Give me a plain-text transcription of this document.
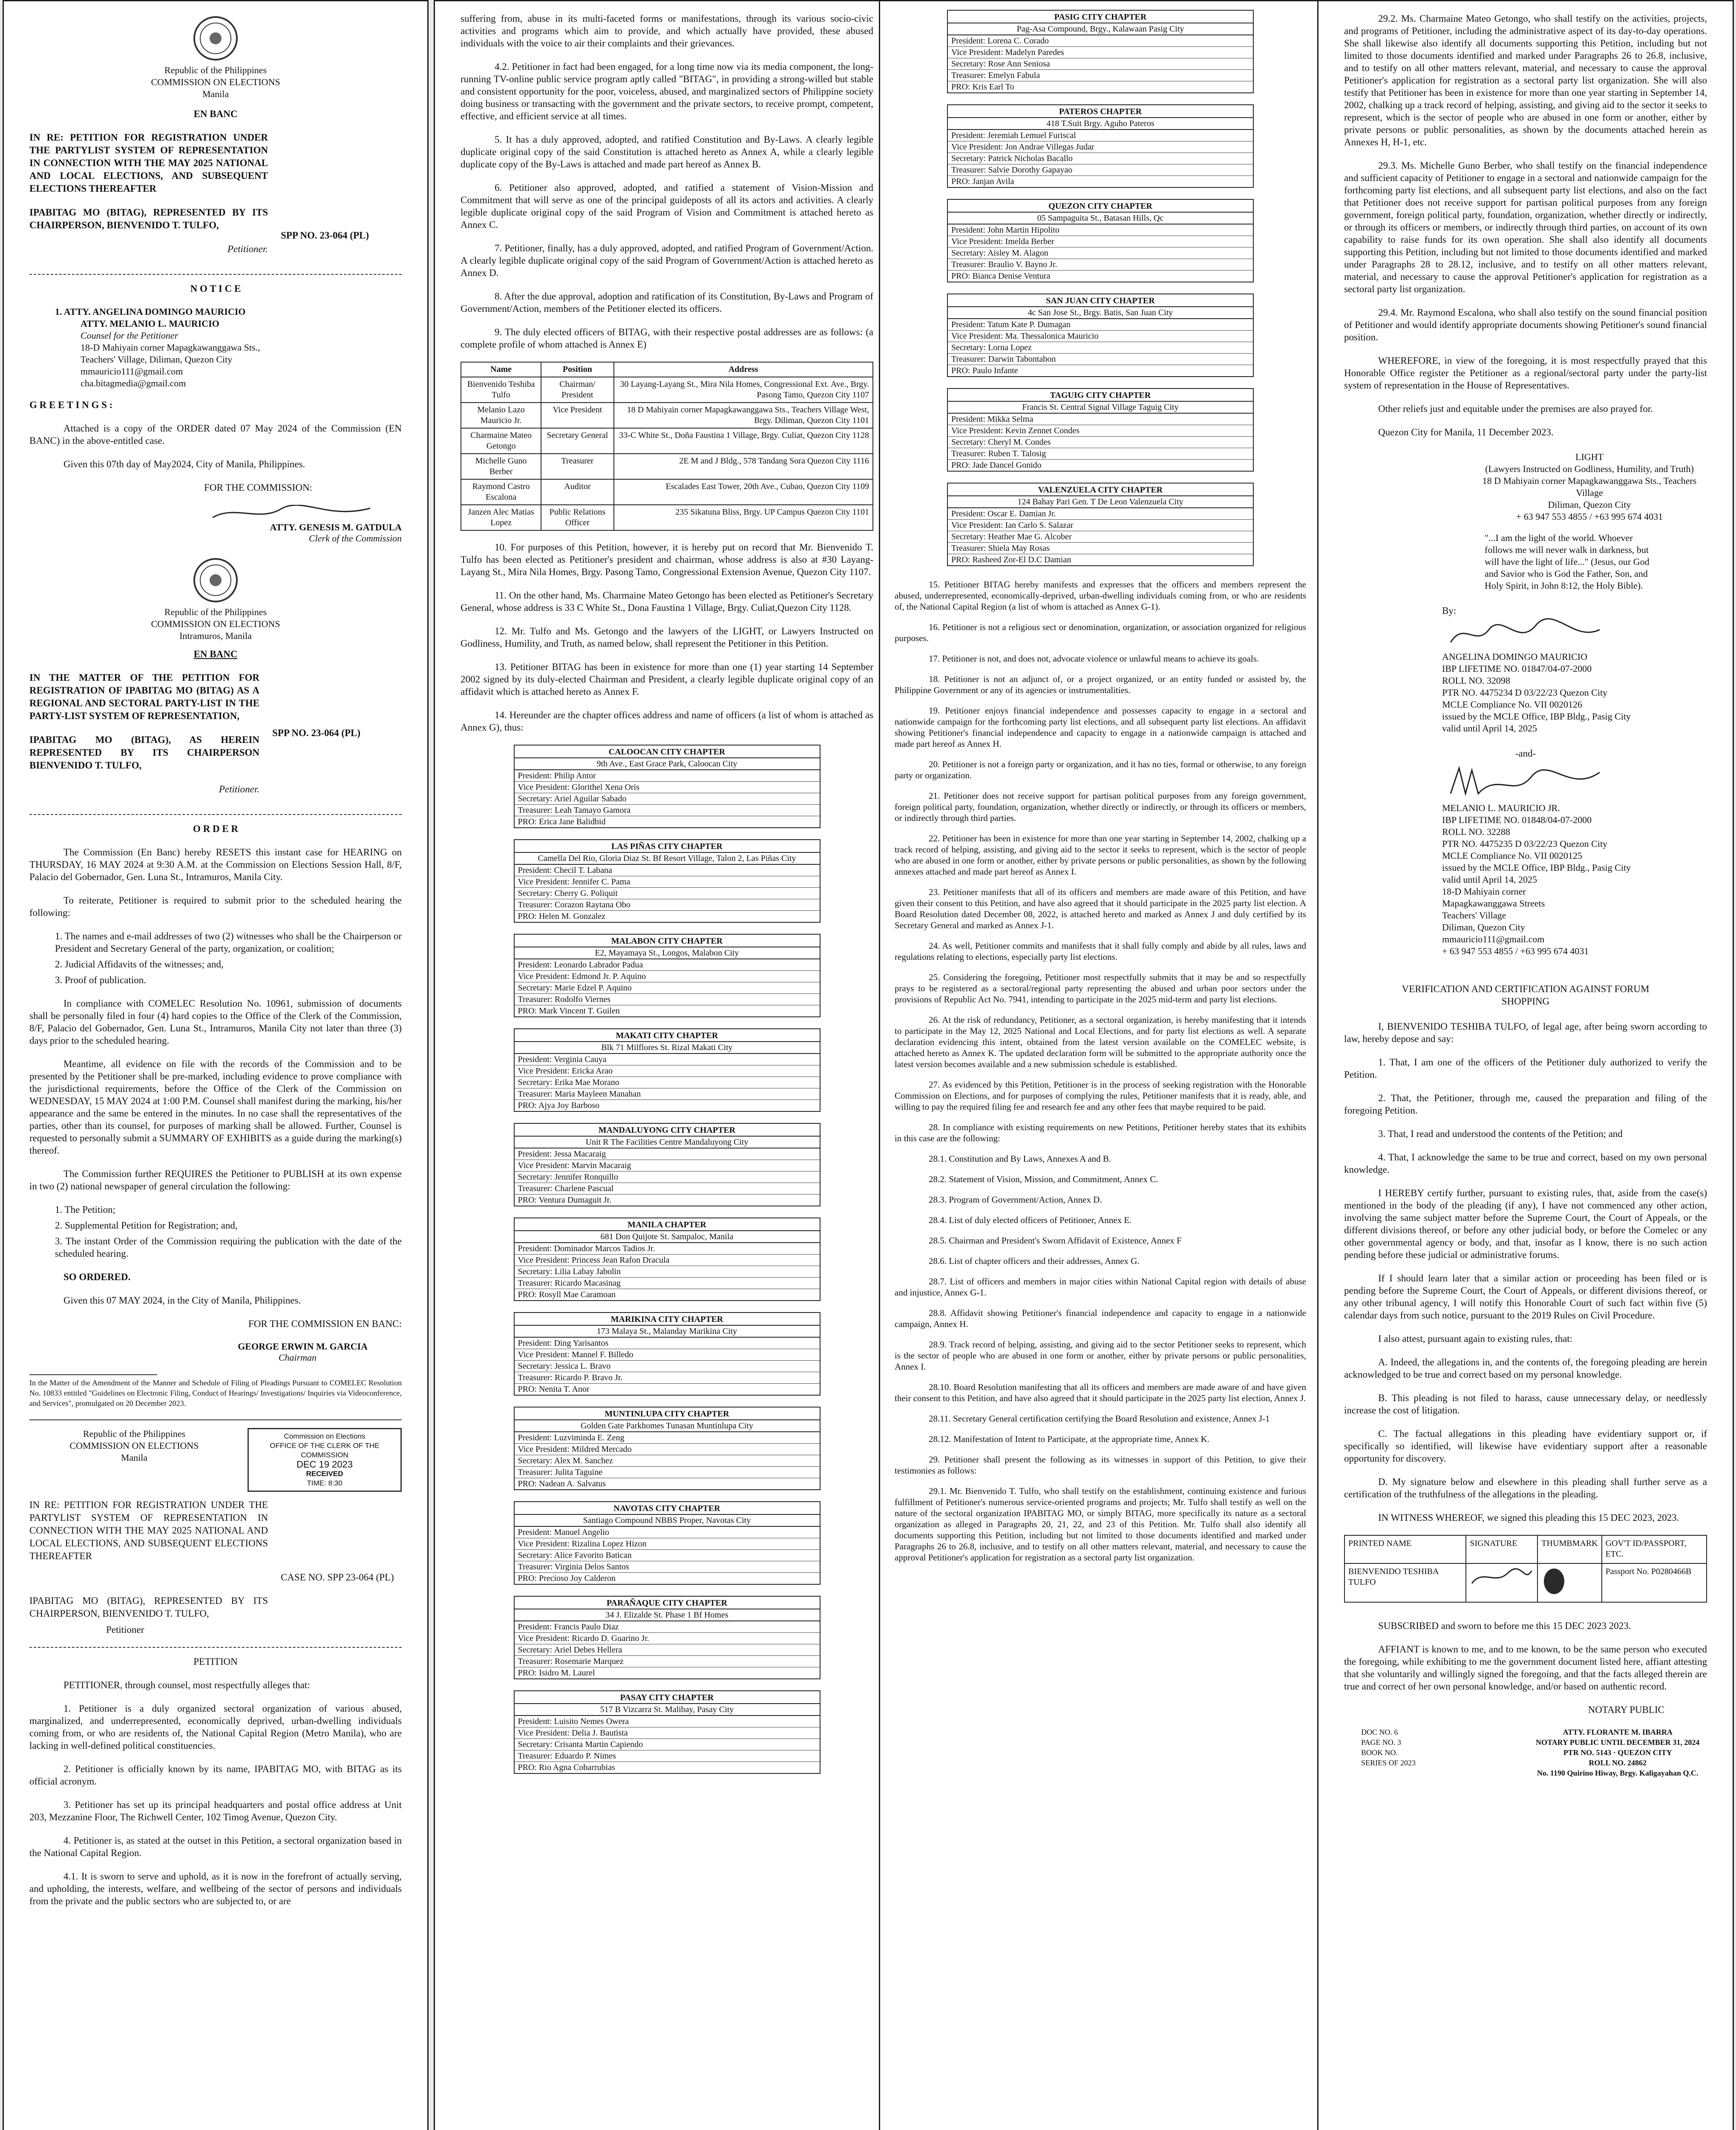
Republic of the Philippines
COMMISSION ON ELECTIONS
Manila

EN BANC

IN RE: PETITION FOR REGISTRATION UNDER THE PARTYLIST SYSTEM OF REPRESENTATION IN CONNECTION WITH THE MAY 2025 NATIONAL AND LOCAL ELECTIONS, AND SUBSEQUENT ELECTIONS THEREAFTER

IPABITAG MO (BITAG), REPRESENTED BY ITS CHAIRPERSON, BIENVENIDO T. TULFO,

Petitioner.

SPP NO. 23-064 (PL)

N O T I C E

1. ATTY. ANGELINA DOMINGO MAURICIO
ATTY. MELANIO L. MAURICIO
Counsel for the Petitioner
18-D Mahiyain corner Mapagkawanggawa Sts.,
Teachers' Village, Diliman, Quezon City
mmauricio111@gmail.com
cha.bitagmedia@gmail.com

G R E E T I N G S :

Attached is a copy of the ORDER dated 07 May 2024 of the Commission (EN BANC) in the above-entitled case.

Given this 07th day of May2024, City of Manila, Philippines.

FOR THE COMMISSION:

ATTY. GENESIS M. GATDULA
Clerk of the Commission
Republic of the Philippines
COMMISSION ON ELECTIONS
Intramuros, Manila

EN BANC

IN THE MATTER OF THE PETITION FOR REGISTRATION OF IPABITAG MO (BITAG) AS A REGIONAL AND SECTORAL PARTY-LIST IN THE PARTY-LIST SYSTEM OF REPRESENTATION,

IPABITAG MO (BITAG), AS HEREIN REPRESENTED BY ITS CHAIRPERSON BIENVENIDO T. TULFO,

Petitioner.

SPP NO. 23-064 (PL)

O R D E R

The Commission (En Banc) hereby RESETS this instant case for HEARING on THURSDAY, 16 MAY 2024 at 9:30 A.M. at the Commission on Elections Session Hall, 8/F, Palacio del Gobernador, Gen. Luna St., Intramuros, Manila City.

To reiterate, Petitioner is required to submit prior to the scheduled hearing the following:

1. The names and e-mail addresses of two (2) witnesses who shall be the Chairperson or President and Secretary General of the party, organization, or coalition;

2. Judicial Affidavits of the witnesses; and,

3. Proof of publication.

In compliance with COMELEC Resolution No. 10961, submission of documents shall be personally filed in four (4) hard copies to the Office of the Clerk of the Commission, 8/F, Palacio del Gobernador, Gen. Luna St., Intramuros, Manila City not later than three (3) days prior to the scheduled hearing.

Meantime, all evidence on file with the records of the Commission and to be presented by the Petitioner shall be pre-marked, including evidence to prove compliance with the jurisdictional requirements, before the Office of the Clerk of the Commission on WEDNESDAY, 15 MAY 2024 at 1:00 P.M. Counsel shall manifest during the marking, his/her appearance and the same be entered in the minutes. In no case shall the representatives of the parties, other than its counsel, for purposes of marking shall be allowed. Further, Counsel is requested to personally submit a SUMMARY OF EXHIBITS as a guide during the marking(s) thereof.

The Commission further REQUIRES the Petitioner to PUBLISH at its own expense in two (2) national newspaper of general circulation the following:

1. The Petition;

2. Supplemental Petition for Registration; and,

3. The instant Order of the Commission requiring the publication with the date of the scheduled hearing.

SO ORDERED.

Given this 07 MAY 2024, in the City of Manila, Philippines.

FOR THE COMMISSION EN BANC:

GEORGE ERWIN M. GARCIA
Chairman

In the Matter of the Amendment of the Manner and Schedule of Filing of Pleadings Pursuant to COMELEC Resolution No. 10833 entitled "Guidelines on Electronic Filing, Conduct of Hearings/ Investigations/ Inquiries via Videoconference, and Services", promulgated on 20 December 2023.

Republic of the Philippines
COMMISSION ON ELECTIONS
Manila
Commission on Elections
OFFICE OF THE CLERK OF THE COMMISSION
DEC 19 2023
RECEIVED
TIME: 8:30

IN RE: PETITION FOR REGISTRATION UNDER THE PARTYLIST SYSTEM OF REPRESENTATION IN CONNECTION WITH THE MAY 2025 NATIONAL AND LOCAL ELECTIONS, AND SUBSEQUENT ELECTIONS THEREAFTER

CASE NO. SPP 23-064 (PL)

IPABITAG MO (BITAG), REPRESENTED BY ITS CHAIRPERSON, BIENVENIDO T. TULFO,

Petitioner

PETITION

PETITIONER, through counsel, most respectfully alleges that:

1. Petitioner is a duly organized sectoral organization of various abused, marginalized, and underrepresented, economically deprived, urban-dwelling individuals coming from, or who are residents of, the National Capital Region (Metro Manila), who are lacking in well-defined political constituencies.

2. Petitioner is officially known by its name, IPABITAG MO, with BITAG as its official acronym.

3. Petitioner has set up its principal headquarters and postal office address at Unit 203, Mezzanine Floor, The Richwell Center, 102 Timog Avenue, Quezon City.

4. Petitioner is, as stated at the outset in this Petition, a sectoral organization based in the National Capital Region.

4.1. It is sworn to serve and uphold, as it is now in the forefront of actually serving, and upholding, the interests, welfare, and wellbeing of the sector of persons and individuals from the private and the public sectors who are subjected to, or are

suffering from, abuse in its multi-faceted forms or manifestations, through its various socio-civic activities and programs which aim to provide, and which actually have provided, these abused individuals with the voice to air their complaints and their grievances.

4.2. Petitioner in fact had been engaged, for a long time now via its media component, the long-running TV-online public service program aptly called "BITAG", in providing a strong-willed but stable and consistent opportunity for the poor, voiceless, abused, and marginalized sectors of Philippine society doing business or transacting with the government and the private sectors, to receive prompt, competent, effective, and efficient service at all times.

5. It has a duly approved, adopted, and ratified Constitution and By-Laws. A clearly legible duplicate original copy of the said Constitution is attached hereto as Annex A, while a clearly legible duplicate copy of the By-Laws is attached and made part hereof as Annex B.

6. Petitioner also approved, adopted, and ratified a statement of Vision-Mission and Commitment that will serve as one of the principal guideposts of all its actors and activities. A clearly legible duplicate original copy of the said Program of Vision and Commitment is attached hereto as Annex C.

7. Petitioner, finally, has a duly approved, adopted, and ratified Program of Government/Action. A clearly legible duplicate original copy of the said Program of Government/Action is attached hereto as Annex D.

8. After the due approval, adoption and ratification of its Constitution, By-Laws and Program of Government/Action, members of the Petitioner elected its officers.

9. The duly elected officers of BITAG, with their respective postal addresses are as follows: (a complete profile of whom attached is Annex E)

Name	Position	Address
Bienvenido Teshiba Tulfo	Chairman/ President	30 Layang-Layang St., Mira Nila Homes, Congressional Ext. Ave., Brgy. Pasong Tamo, Quezon City 1107
Melanio Lazo Mauricio Jr.	Vice President	18 D Mahiyain corner Mapagkawanggawa Sts., Teachers Village West, Brgy. Diliman, Quezon City 1101
Charmaine Mateo Getongo	Secretary General	33-C White St., Doña Faustina 1 Village, Brgy. Culiat, Quezon City 1128
Michelle Guno Berber	Treasurer	2E M and J Bldg., 578 Tandang Sora Quezon City 1116
Raymond Castro Escalona	Auditor	Escalades East Tower, 20th Ave., Cubao, Quezon City 1109
Janzen Alec Matias Lopez	Public Relations Officer	235 Sikatuna Bliss, Brgy. UP Campus Quezon City 1101

10. For purposes of this Petition, however, it is hereby put on record that Mr. Bienvenido T. Tulfo has been elected as Petitioner's president and chairman, whose address is also at #30 Layang-Layang St., Mira Nila Homes, Brgy. Pasong Tamo, Congressional Extension Avenue, Quezon City 1107.

11. On the other hand, Ms. Charmaine Mateo Getongo has been elected as Petitioner's Secretary General, whose address is 33 C White St., Dona Faustina 1 Village, Brgy. Culiat,Quezon City 1128.

12. Mr. Tulfo and Ms. Getongo and the lawyers of the LIGHT, or Lawyers Instructed on Godliness, Humility, and Truth, as named below, shall represent the Petitioner in this Petition.

13. Petitioner BITAG has been in existence for more than one (1) year starting 14 September 2002 signed by its duly-elected Chairman and President, a clearly legible duplicate original copy of an affidavit which is attached hereto as Annex F.

14. Hereunder are the chapter offices address and name of officers (a list of whom is attached as Annex G), thus:

CALOOCAN CITY CHAPTER
9th Ave., East Grace Park, Caloocan City
President: Philip Antor
Vice President: Glorithel Xena Oris
Secretary: Ariel Aguilar Sabado
Treasurer: Leah Tamayo Gamora
PRO: Erica Jane Balidbid
LAS PIÑAS CITY CHAPTER
Camella Del Rio, Gloria Diaz St. Bf Resort Village, Talon 2, Las Piñas City
President: Checil T. Labana
Vice President: Jennifer C. Pama
Secretary: Cherry G. Poliquit
Treasurer: Corazon Raytana Obo
PRO: Helen M. Gonzalez
MALABON CITY CHAPTER
E2, Mayamaya St., Longos, Malabon City
President: Leonardo Labrador Padua
Vice President: Edmond Jr. P. Aquino
Secretary: Marie Edzel P. Aquino
Treasurer: Rodolfo Viernes
PRO: Mark Vincent T. Guilen
MAKATI CITY CHAPTER
Blk 71 Milflores St. Rizal Makati City
President: Verginia Cauya
Vice President: Ericka Arao
Secretary: Erika Mae Morano
Treasurer: Maria Mayleen Manahan
PRO: Ajya Joy Barboso
MANDALUYONG CITY CHAPTER
Unit R The Facilities Centre Mandaluyong City
President: Jessa Macaraig
Vice President: Marvin Macaraig
Secretary: Jennifer Ronquillo
Treasurer: Charlene Pascual
PRO: Ventura Dumaguit Jr.
MANILA CHAPTER
681 Don Quijote St. Sampaloc, Manila
President: Dominador Marcos Tadios Jr.
Vice President: Princess Jean Rafon Dracula
Secretary: Lilia Labay Jabolin
Treasurer: Ricardo Macasinag
PRO: Rosyll Mae Caramoan
MARIKINA CITY CHAPTER
173 Malaya St., Malanday Marikina City
President: Ding Yarisantos
Vice President: Mannel F. Billedo
Secretary: Jessica L. Bravo
Treasurer: Ricardo P. Bravo Jr.
PRO: Nenita T. Anor
MUNTINLUPA CITY CHAPTER
Golden Gate Parkhomes Tunasan Muntinlupa City
President: Luzviminda E. Zeng
Vice President: Mildred Mercado
Secretary: Alex M. Sanchez
Treasurer: Julita Taguine
PRO: Nadean A. Salvatus
NAVOTAS CITY CHAPTER
Santiago Compound NBBS Proper, Navotas City
President: Manuel Angelio
Vice President: Rizalina Lopez Hizon
Secretary: Alice Favorito Batican
Treasurer: Virginia Delos Santos
PRO: Precioso Joy Calderon
PARAÑAQUE CITY CHAPTER
34 J. Elizalde St. Phase 1 Bf Homes
President: Francis Paulo Diaz
Vice President: Ricardo D. Guarino Jr.
Secretary: Ariel Debes Hellera
Treasurer: Rosemarie Marquez
PRO: Isidro M. Laurel
PASAY CITY CHAPTER
517 B Vizcarra St. Malibay, Pasay City
President: Luisito Nemes Owera
Vice President: Delia J. Bautista
Secretary: Crisanta Martin Capiendo
Treasurer: Eduardo P. Nimes
PRO: Rio Agna Cobarrubias
PASIG CITY CHAPTER
Pag-Asa Compound, Brgy., Kalawaan Pasig City
President: Lorena C. Corado
Vice President: Madelyn Paredes
Secretary: Rose Ann Seniosa
Treasurer: Emelyn Fabula
PRO: Kris Earl To
PATEROS CHAPTER
418 T.Suit Brgy. Aguho Pateros
President: Jeremiah Lemuel Furiscal
Vice President: Jon Andrae Villegas Judar
Secretary: Patrick Nicholas Bacallo
Treasurer: Salvie Dorothy Gapayao
PRO: Janjan Avila
QUEZON CITY CHAPTER
05 Sampaguita St., Batasan Hills, Qc
President: John Martin Hipolito
Vice President: Imelda Berber
Secretary: Aisley M. Alagon
Treasurer: Braulio V. Bayno Jr.
PRO: Bianca Denise Ventura
SAN JUAN CITY CHAPTER
4c San Jose St., Brgy. Batis, San Juan City
President: Tatum Kate P. Dumagan
Vice President: Ma. Thessalonica Mauricio
Secretary: Lorna Lopez
Treasurer: Darwin Tabontabon
PRO: Paulo Infante
TAGUIG CITY CHAPTER
Francis St. Central Signal Village Taguig City
President: Mikka Selma
Vice President: Kevin Zennet Condes
Secretary: Cheryl M. Condes
Treasurer: Ruben T. Talosig
PRO: Jade Dancel Gonido
VALENZUELA CITY CHAPTER
124 Bahay Pari Gen. T De Leon Valenzuela City
President: Oscar E. Damian Jr.
Vice President: Ian Carlo S. Salazar
Secretary: Heather Mae G. Alcober
Treasurer: Shiela May Rosas
PRO: Rasheed Zor-El D.C Damian

15. Petitioner BITAG hereby manifests and expresses that the officers and members represent the abused, underrepresented, economically-deprived, urban-dwelling individuals coming from, or who are residents of, the National Capital Region (a list of whom is attached as Annex G-1).

16. Petitioner is not a religious sect or denomination, organization, or association organized for religious purposes.

17. Petitioner is not, and does not, advocate violence or unlawful means to achieve its goals.

18. Petitioner is not an adjunct of, or a project organized, or an entity funded or assisted by, the Philippine Government or any of its agencies or instrumentalities.

19. Petitioner enjoys financial independence and possesses capacity to engage in a sectoral and nationwide campaign for the forthcoming party list elections, and all subsequent party list elections. An affidavit showing Petitioner's financial independence and capacity to engage in a nationwide campaign is attached and made part hereof as Annex H.

20. Petitioner is not a foreign party or organization, and it has no ties, formal or otherwise, to any foreign party or organization.

21. Petitioner does not receive support for partisan political purposes from any foreign government, foreign political party, foundation, organization, whether directly or indirectly, or through its officers or members, or indirectly through third parties.

22. Petitioner has been in existence for more than one year starting in September 14, 2002, chalking up a track record of helping, assisting, and giving aid to the sector it seeks to represent, which is the sector of people who are abused in one form or another, either by private persons or public personalities, as shown by the following annexes attached and made part hereof as Annex I.

23. Petitioner manifests that all of its officers and members are made aware of this Petition, and have given their consent to this Petition, and have also agreed that it should participate in the 2025 party list election. A Board Resolution dated December 08, 2022, is attached hereto and marked as Annex J and duly certified by its Secretary General and marked as Annex J-1.

24. As well, Petitioner commits and manifests that it shall fully comply and abide by all rules, laws and regulations relating to elections, especially party list elections.

25. Considering the foregoing, Petitioner most respectfully submits that it may be and so respectfully prays to be registered as a sectoral/regional party representing the abused and urban poor sectors under the provisions of Republic Act No. 7941, intending to participate in the 2025 mid-term and party list elections.

26. At the risk of redundancy, Petitioner, as a sectoral organization, is hereby manifesting that it intends to participate in the May 12, 2025 National and Local Elections, and for party list elections as well. A separate declaration evidencing this intent, obtained from the latest version available on the COMELEC website, is attached hereto as Annex K. The updated declaration form will be submitted to the appropriate authority once the latest version becomes available and a new submission schedule is established.

27. As evidenced by this Petition, Petitioner is in the process of seeking registration with the Honorable Commission on Elections, and for purposes of complying the rules, Petitioner manifests that it is ready, able, and willing to pay the required filing fee and research fee and any other fees that maybe required to be paid.

28. In compliance with existing requirements on new Petitions, Petitioner hereby states that its exhibits in this case are the following:

28.1. Constitution and By Laws, Annexes A and B.

28.2. Statement of Vision, Mission, and Commitment, Annex C.

28.3. Program of Government/Action, Annex D.

28.4. List of duly elected officers of Petitioner, Annex E.

28.5. Chairman and President's Sworn Affidavit of Existence, Annex F

28.6. List of chapter officers and their addresses, Annex G.

28.7. List of officers and members in major cities within National Capital region with details of abuse and injustice, Annex G-1.

28.8. Affidavit showing Petitioner's financial independence and capacity to engage in a nationwide campaign, Annex H.

28.9. Track record of helping, assisting, and giving aid to the sector Petitioner seeks to represent, which is the sector of people who are abused in one form or another, either by private persons or public personalities, Annex I.

28.10. Board Resolution manifesting that all its officers and members are made aware of and have given their consent to this Petition, and have also agreed that it should participate in the 2025 party list election, Annex J.

28.11. Secretary General certification certifying the Board Resolution and existence, Annex J-1

28.12. Manifestation of Intent to Participate, at the appropriate time, Annex K.

29. Petitioner shall present the following as its witnesses in support of this Petition, to give their testimonies as follows:

29.1. Mr. Bienvenido T. Tulfo, who shall testify on the establishment, continuing existence and furious fulfillment of Petitioner's numerous service-oriented programs and projects; Mr. Tulfo shall testify as well on the nature of the sectoral organization IPABITAG MO, or simply BITAG, more specifically its nature as a sectoral organization as alleged in Paragraphs 20, 21, 22, and 23 of this Petition. Mr. Tulfo shall also identify all documents supporting this Petition, including but not limited to those documents identified and marked under Paragraphs 26 to 26.8, inclusive, and to testify on all other matters relevant, material, and necessary to cause the approval Petitioner's application for registration as a sectoral party list organization.

29.2. Ms. Charmaine Mateo Getongo, who shall testify on the activities, projects, and programs of Petitioner, including the administrative aspect of its day-to-day operations. She shall likewise also identify all documents supporting this Petition, including but not limited to those documents identified and marked under Paragraphs 26 to 26.8, inclusive, and to testify on all other matters relevant, material, and necessary to cause the approval Petitioner's application for registration as a sectoral party list organization. She will also testify that Petitioner has been in existence for more than one year starting in September 14, 2002, chalking up a track record of helping, assisting, and giving aid to the sector it seeks to represent, which is the sector of people who are abused in one form or another, either by private persons or public personalities, as shown by the documents attached herein as Annexes H, H-1, etc.

29.3. Ms. Michelle Guno Berber, who shall testify on the financial independence and sufficient capacity of Petitioner to engage in a sectoral and nationwide campaign for the forthcoming party list elections, and all subsequent party list elections, and also on the fact that Petitioner does not receive support for partisan political purposes from any foreign government, foreign political party, foundation, organization, whether directly or indirectly, or through its officers or members, or indirectly through third parties, on account of its own capability to raise funds for its own operation. She shall also identify all documents supporting this Petition, including but not limited to those documents identified and marked under Paragraphs 28 to 28.12, inclusive, and to testify on all other matters relevant, material, and necessary to cause the approval Petitioner's application for registration as a sectoral party list organization.

29.4. Mr. Raymond Escalona, who shall also testify on the sound financial position of Petitioner and would identify appropriate documents showing Petitioner's sound financial position.

WHEREFORE, in view of the foregoing, it is most respectfully prayed that this Honorable Office register the Petitioner as a regional/sectoral party under the party-list system of representation in the House of Representatives.

Other reliefs just and equitable under the premises are also prayed for.

Quezon City for Manila, 11 December 2023.

LIGHT
(Lawyers Instructed on Godliness, Humility, and Truth)
18 D Mahiyain corner Mapagkawanggawa Sts., Teachers Village
Diliman, Quezon City
+ 63 947 553 4855 / +63 995 674 4031
"...I am the light of the world. Whoever follows me will never walk in darkness, but will have the light of life..." (Jesus, our God and Savior who is God the Father, Son, and Holy Spirit, in John 8:12, the Holy Bible).

By:

ANGELINA DOMINGO MAURICIO
IBP LIFETIME NO. 01847/04-07-2000
ROLL NO. 32098
PTR NO. 4475234 D 03/22/23 Quezon City
MCLE Compliance No. VII 0020126
issued by the MCLE Office, IBP Bldg., Pasig City
valid until April 14, 2025

-and-

MELANIO L. MAURICIO JR.
IBP LIFETIME NO. 01848/04-07-2000
ROLL NO. 32288
PTR NO. 4475235 D 03/22/23 Quezon City
MCLE Compliance No. VII 0020125
issued by the MCLE Office, IBP Bldg., Pasig City
valid until April 14, 2025
18-D Mahiyain corner
Mapagkawanggawa Streets
Teachers' Village
Diliman, Quezon City
mmauricio111@gmail.com
+ 63 947 553 4855 / +63 995 674 4031

VERIFICATION AND CERTIFICATION AGAINST FORUM SHOPPING

I, BIENVENIDO TESHIBA TULFO, of legal age, after being sworn according to law, hereby depose and say:

1. That, I am one of the officers of the Petitioner duly authorized to verify the Petition.

2. That, the Petitioner, through me, caused the preparation and filing of the foregoing Petition.

3. That, I read and understood the contents of the Petition; and

4. That, I acknowledge the same to be true and correct, based on my own personal knowledge.

I HEREBY certify further, pursuant to existing rules, that, aside from the case(s) mentioned in the body of the pleading (if any), I have not commenced any other action, involving the same subject matter before the Supreme Court, the Court of Appeals, or the different divisions thereof, or before any other judicial body, or before the Comelec or any other governmental agency or body, and that, insofar as I know, there is no such action pending before these judicial or administrative forums.

If I should learn later that a similar action or proceeding has been filed or is pending before the Supreme Court, the Court of Appeals, or different divisions thereof, or any other tribunal agency, I will notify this Honorable Court of such fact within five (5) calendar days from such notice, pursuant to the 2019 Rules on Civil Procedure.

I also attest, pursuant again to existing rules, that:

A. Indeed, the allegations in, and the contents of, the foregoing pleading are herein acknowledged to be true and correct based on my personal knowledge.

B. This pleading is not filed to harass, cause unnecessary delay, or needlessly increase the cost of litigation.

C. The factual allegations in this pleading have evidentiary support or, if specifically so identified, will likewise have evidentiary support after a reasonable opportunity for discovery.

D. My signature below and elsewhere in this pleading shall further serve as a certification of the truthfulness of the allegations in the pleading.

IN WITNESS WHEREOF, we signed this pleading this 15 DEC 2023, 2023.

PRINTED NAME	SIGNATURE	THUMBMARK	GOV'T ID/PASSPORT, ETC.
BIENVENIDO TESHIBA TULFO			Passport No. P0280466B

SUBSCRIBED and sworn to before me this 15 DEC 2023 2023.

AFFIANT is known to me, and to me known, to be the same person who executed the foregoing, while exhibiting to me the government document listed here, affiant attesting that she voluntarily and willingly signed the foregoing, and that the facts alleged therein are true and correct of her own personal knowledge, and/or based on authentic record.

NOTARY PUBLIC

DOC NO. 6
PAGE NO. 3
BOOK NO.
SERIES OF 2023
ATTY. FLORANTE M. IBARRA
NOTARY PUBLIC UNTIL DECEMBER 31, 2024
PTR NO. 5143 · QUEZON CITY
ROLL NO. 24862
No. 1190 Quirino Hiway, Brgy. Kaligayahan Q.C.
